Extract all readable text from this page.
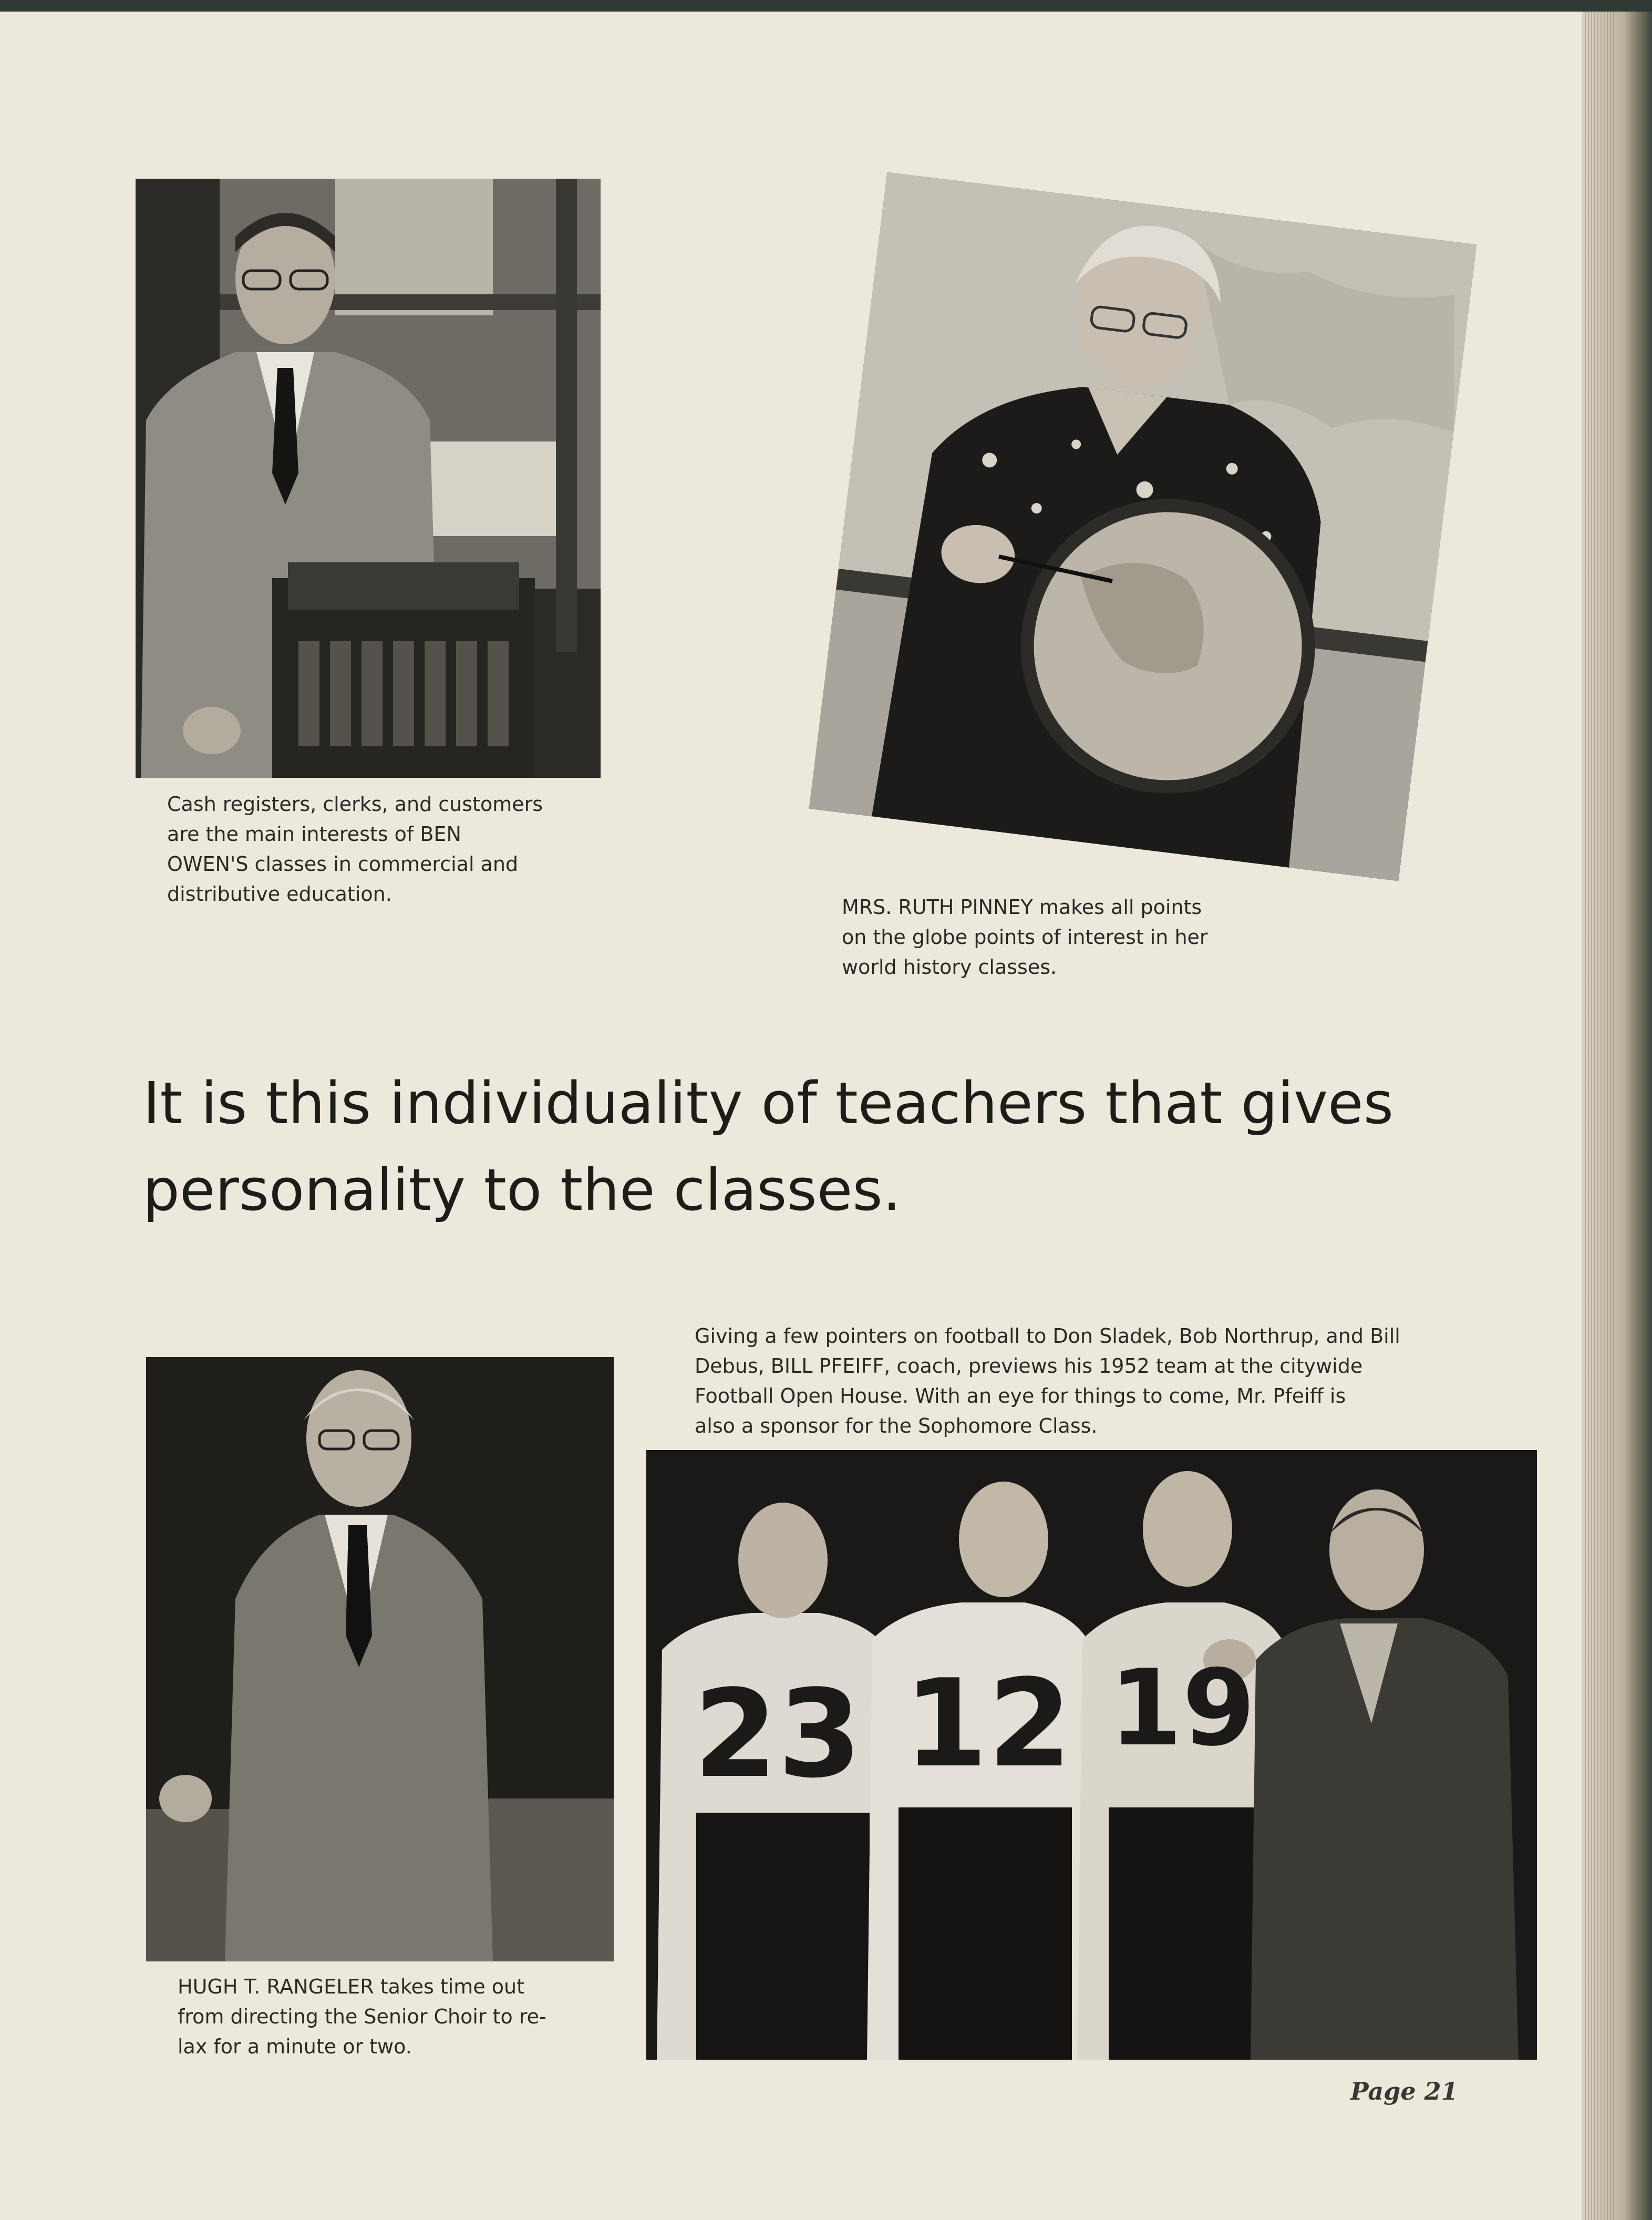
Cash registers, clerks, and customers
are the main interests of BEN
OWEN'S classes in commercial and
distributive education.
MRS. RUTH PINNEY makes all points
on the globe points of interest in her
world history classes.
It is this individuality of teachers that gives
personality to the classes.
Giving a few pointers on football to Don Sladek, Bob Northrup, and Bill
Debus, BILL PFEIFF, coach, previews his 1952 team at the citywide
Football Open House. With an eye for things to come, Mr. Pfeiff is
also a sponsor for the Sophomore Class.
HUGH T. RANGELER takes time out
from directing the Senior Choir to re-
lax for a minute or two.
23 12 19
Page 21
